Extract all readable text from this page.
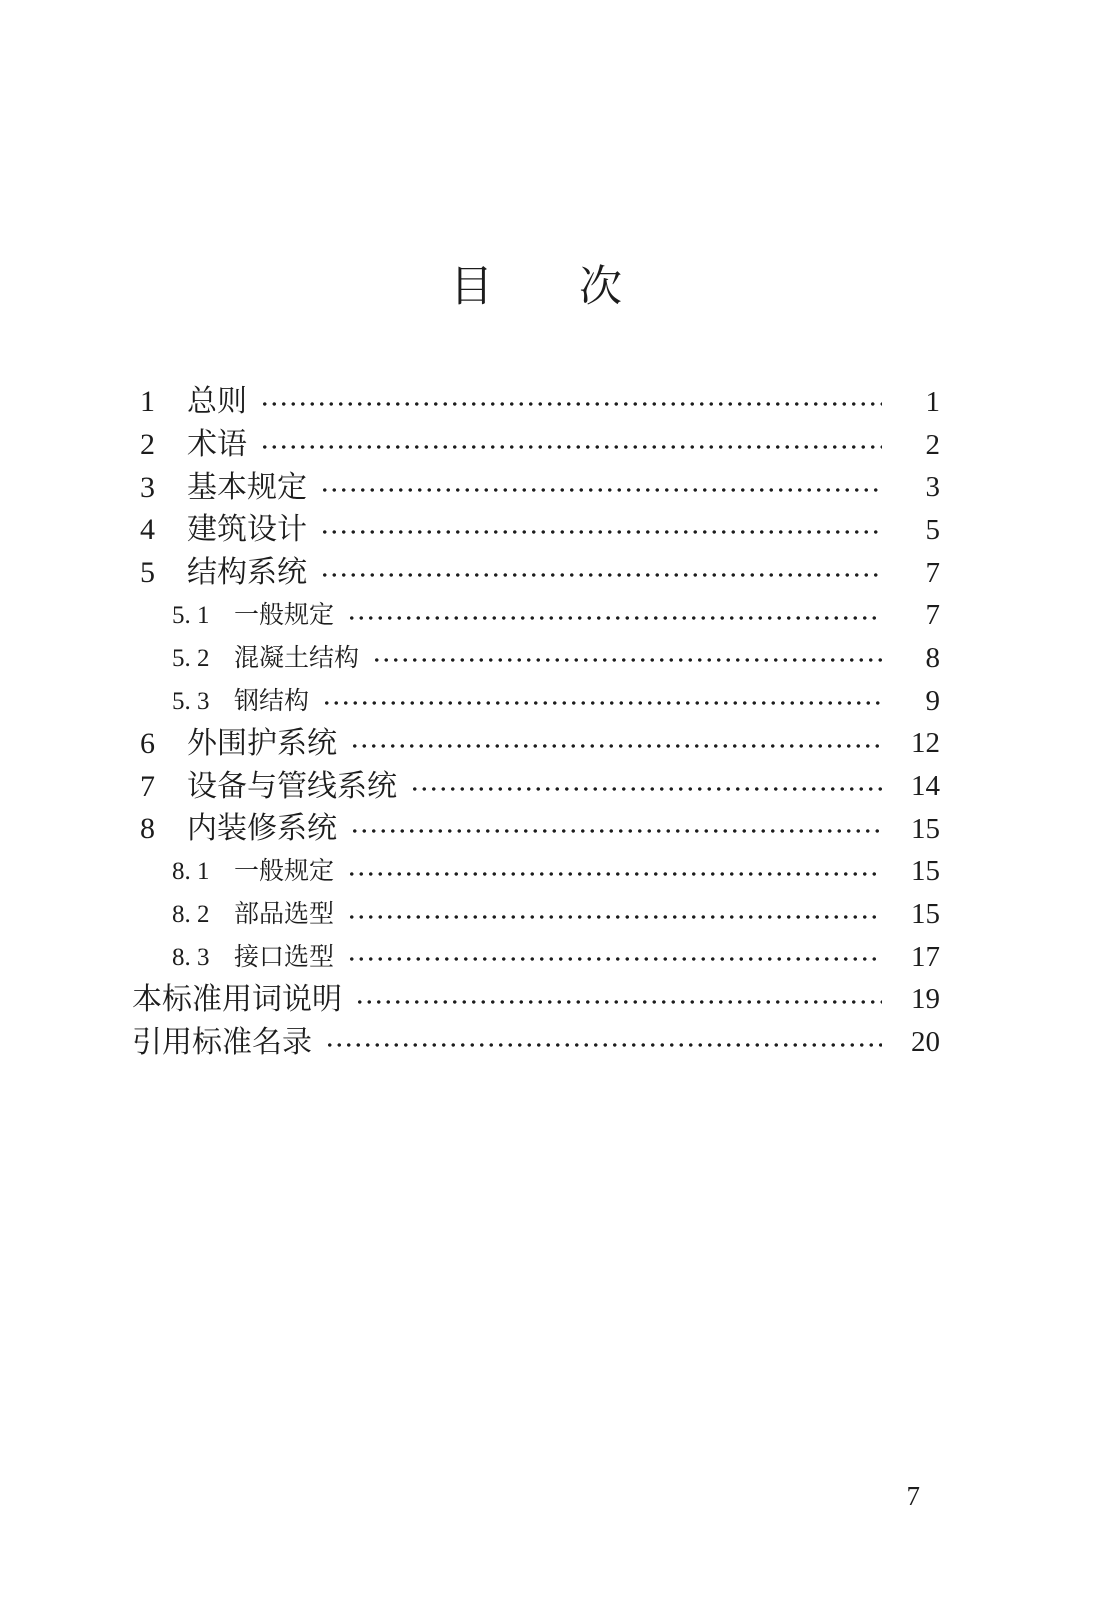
目 次
1	总则	1
2	术语	2
3	基本规定	3
4	建筑设计	5
5	结构系统	7
5. 1 一般规定	7
5. 2 混凝土结构	8
5. 3 钢结构	9
6	外围护系统	12
7	设备与管线系统	14
8	内装修系统	15
8. 1 一般规定	15
8. 2 部品选型	15
8. 3 接口选型	17
本标准用词说明	19
引用标准名录	20
7
